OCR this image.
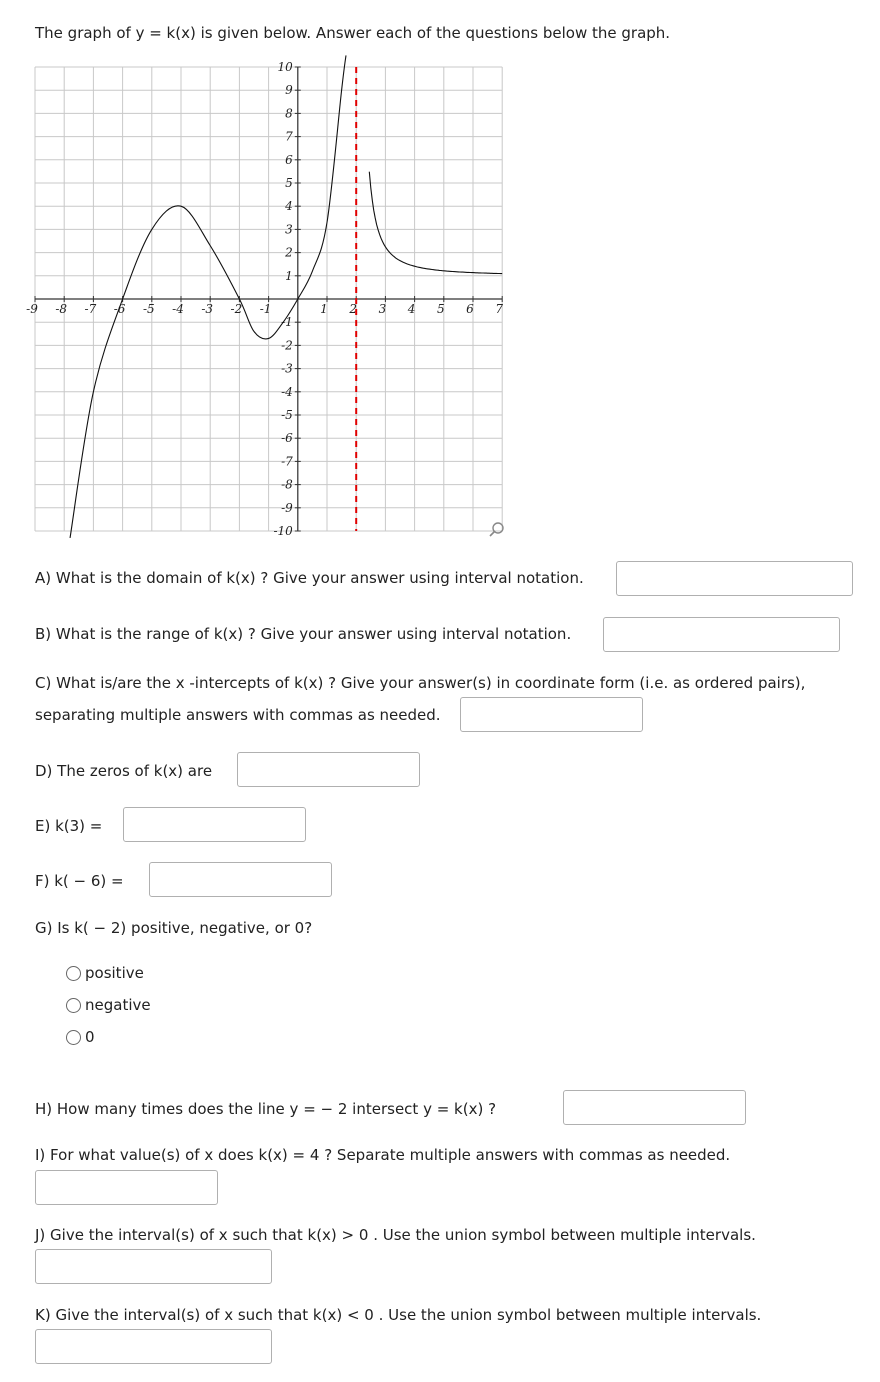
The graph of y = k(x) is given below. Answer each of the questions below the graph.
-9 -8 -7 -6 -5 -4 -3 -2 -1	1 2 3 4 5 6 7
10
9
8
7
6
5
4
3
2
1
-1
-2
-3
-4
-5
-6
-7
-8
-9
-10
A) What is the domain of k(x) ? Give your answer using interval notation.
B) What is the range of k(x) ? Give your answer using interval notation.
C) What is/are the x -intercepts of k(x) ? Give your answer(s) in coordinate form (i.e. as ordered pairs),
separating multiple answers with commas as needed.
D) The zeros of k(x) are
E) k(3) =
F) k( − 6) =
G) Is k( − 2) positive, negative, or 0?
positive
negative
0
H) How many times does the line y = − 2 intersect y = k(x) ?
I) For what value(s) of x does k(x) = 4 ? Separate multiple answers with commas as needed.
J) Give the interval(s) of x such that k(x) > 0 . Use the union symbol between multiple intervals.
K) Give the interval(s) of x such that k(x) < 0 . Use the union symbol between multiple intervals.
